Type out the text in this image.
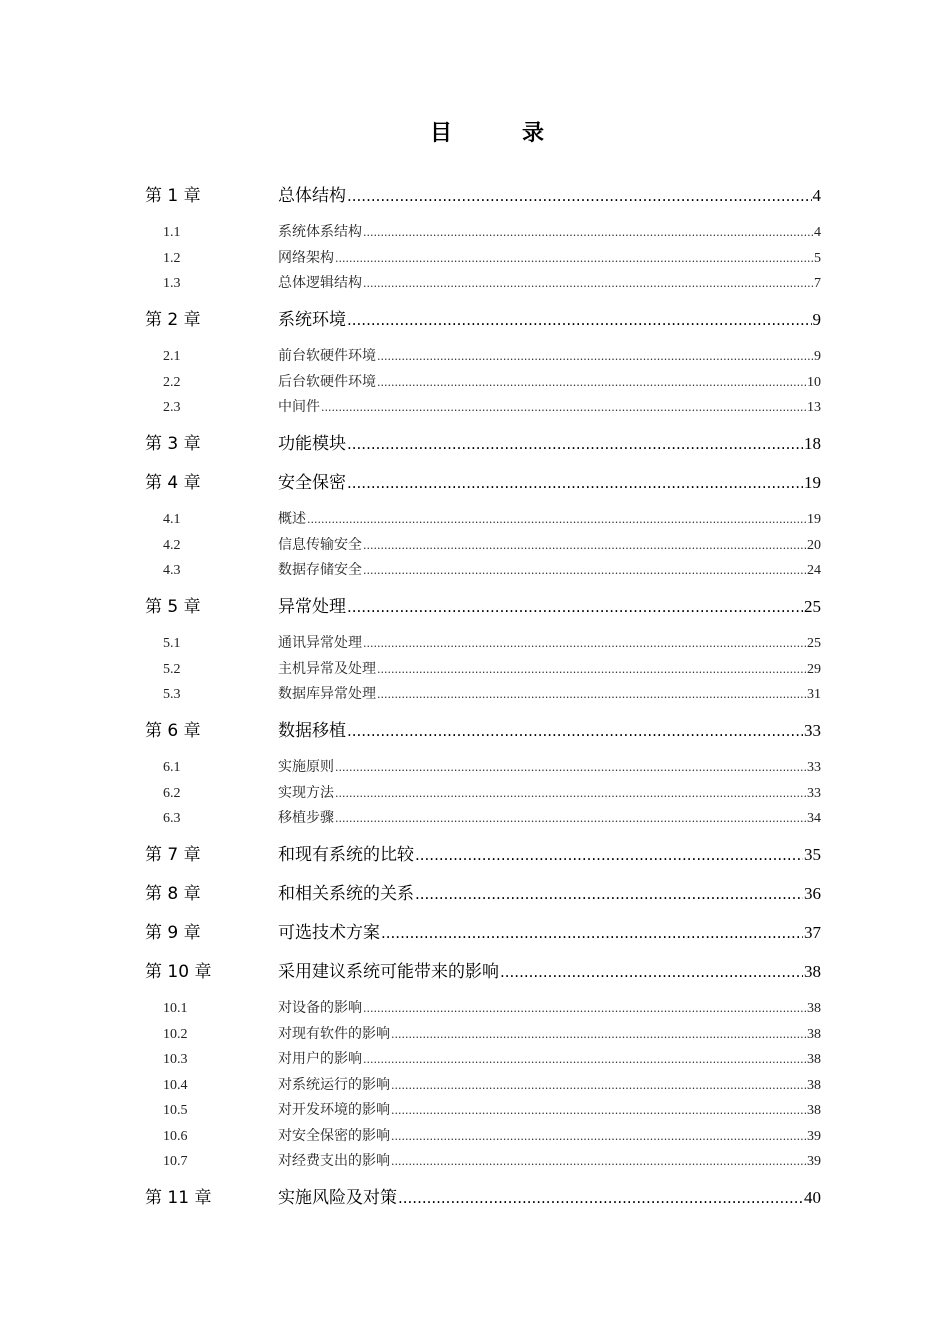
目　录
第 1 章	总体结构 .....	4
1.1	系统体系结构 .....	4
1.2	网络架构 .....	5
1.3	总体逻辑结构 .....	7
第 2 章	系统环境 .....	9
2.1	前台软硬件环境 .....	9
2.2	后台软硬件环境 .....	10
2.3	中间件 .....	13
第 3 章	功能模块 .....	18
第 4 章	安全保密 .....	19
4.1	概述 .....	19
4.2	信息传输安全 .....	20
4.3	数据存储安全 .....	24
第 5 章	异常处理 .....	25
5.1	通讯异常处理 .....	25
5.2	主机异常及处理 .....	29
5.3	数据库异常处理 .....	31
第 6 章	数据移植 .....	33
6.1	实施原则 .....	33
6.2	实现方法 .....	33
6.3	移植步骤 .....	34
第 7 章	和现有系统的比较 .....	35
第 8 章	和相关系统的关系 .....	36
第 9 章	可选技术方案 .....	37
第 10 章	采用建议系统可能带来的影响 .....	38
10.1	对设备的影响 .....	38
10.2	对现有软件的影响 .....	38
10.3	对用户的影响 .....	38
10.4	对系统运行的影响 .....	38
10.5	对开发环境的影响 .....	38
10.6	对安全保密的影响 .....	39
10.7	对经费支出的影响 .....	39
第 11 章	实施风险及对策 .....	40
